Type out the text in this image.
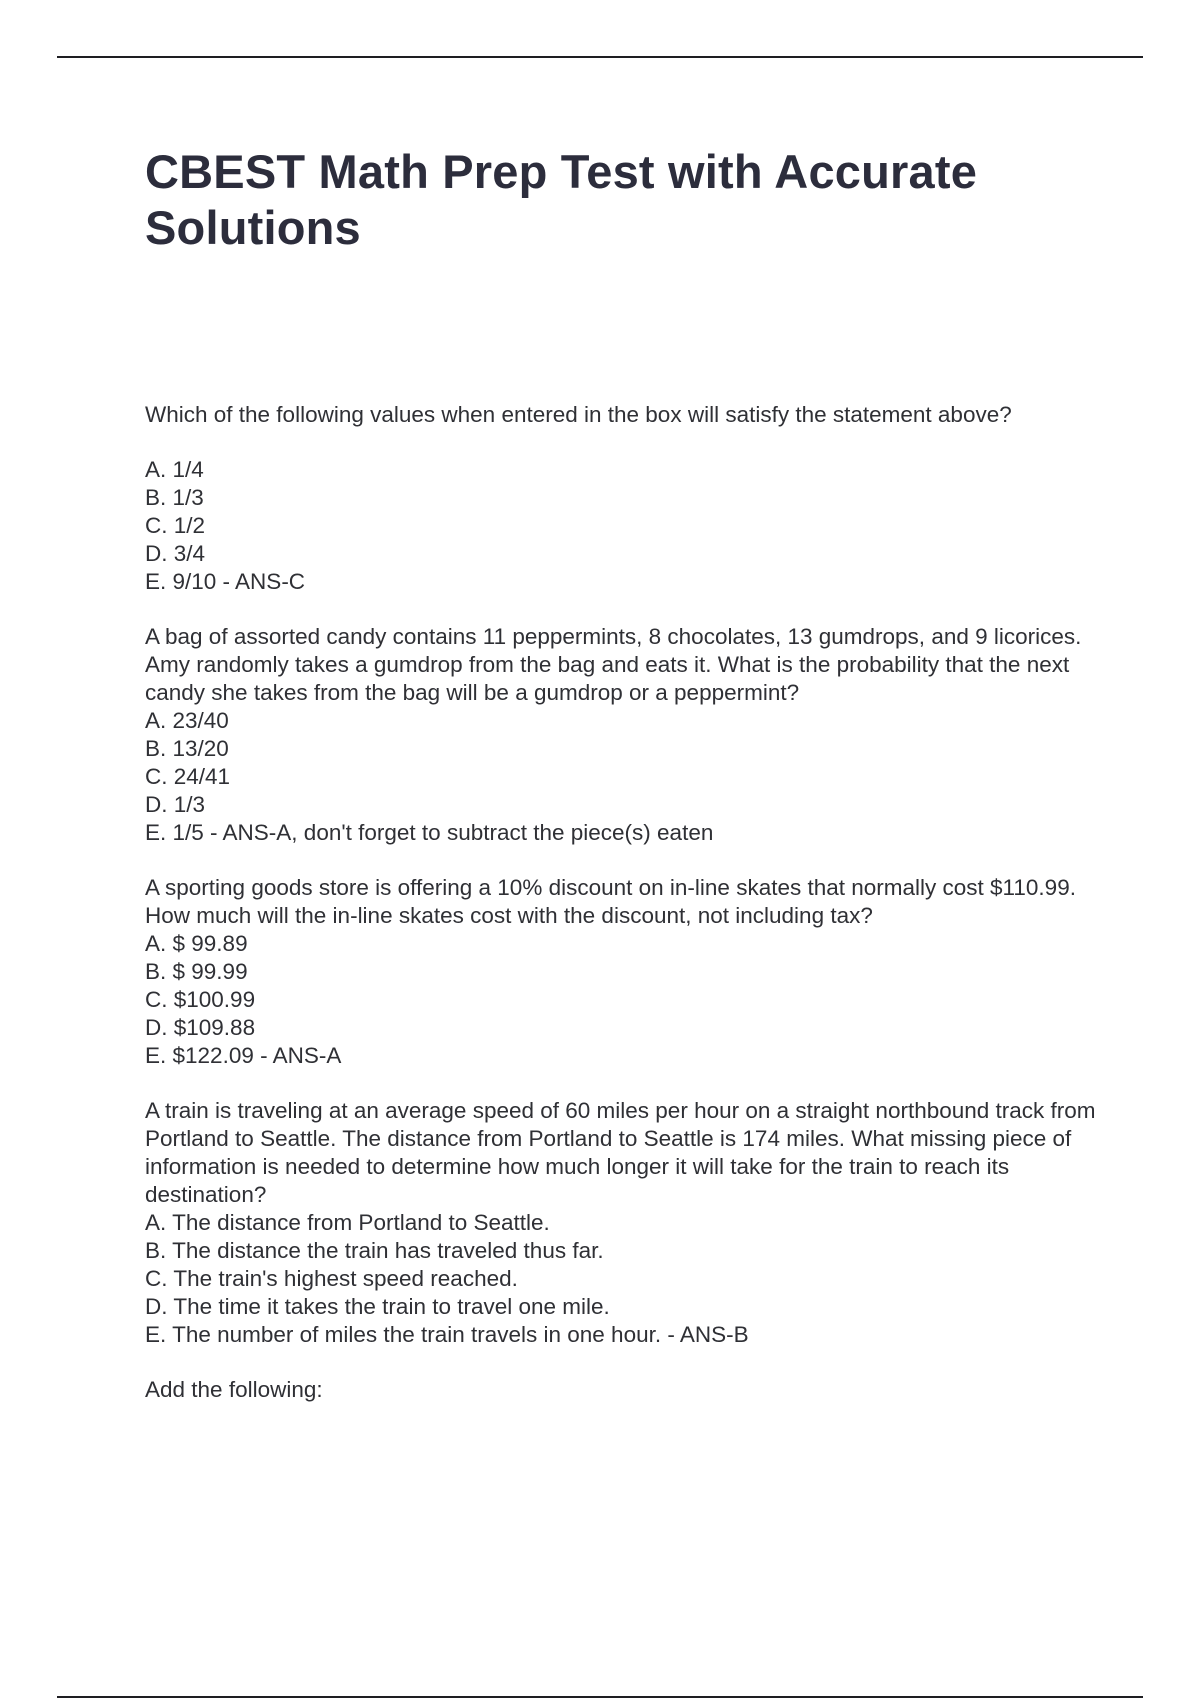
CBEST Math Prep Test with Accurate Solutions

Which of the following values when entered in the box will satisfy the statement above?

A. 1/4
B. 1/3
C. 1/2
D. 3/4
E. 9/10 - ANS-C

A bag of assorted candy contains 11 peppermints, 8 chocolates, 13 gumdrops, and 9 licorices. Amy randomly takes a gumdrop from the bag and eats it. What is the probability that the next candy she takes from the bag will be a gumdrop or a peppermint?

A. 23/40
B. 13/20
C. 24/41
D. 1/3
E. 1/5 - ANS-A, don't forget to subtract the piece(s) eaten

A sporting goods store is offering a 10% discount on in-line skates that normally cost $110.99. How much will the in-line skates cost with the discount, not including tax?

A. $ 99.89
B. $ 99.99
C. $100.99
D. $109.88
E. $122.09 - ANS-A

A train is traveling at an average speed of 60 miles per hour on a straight northbound track from Portland to Seattle. The distance from Portland to Seattle is 174 miles. What missing piece of information is needed to determine how much longer it will take for the train to reach its destination?

A. The distance from Portland to Seattle.
B. The distance the train has traveled thus far.
C. The train's highest speed reached.
D. The time it takes the train to travel one mile.
E. The number of miles the train travels in one hour. - ANS-B

Add the following:
